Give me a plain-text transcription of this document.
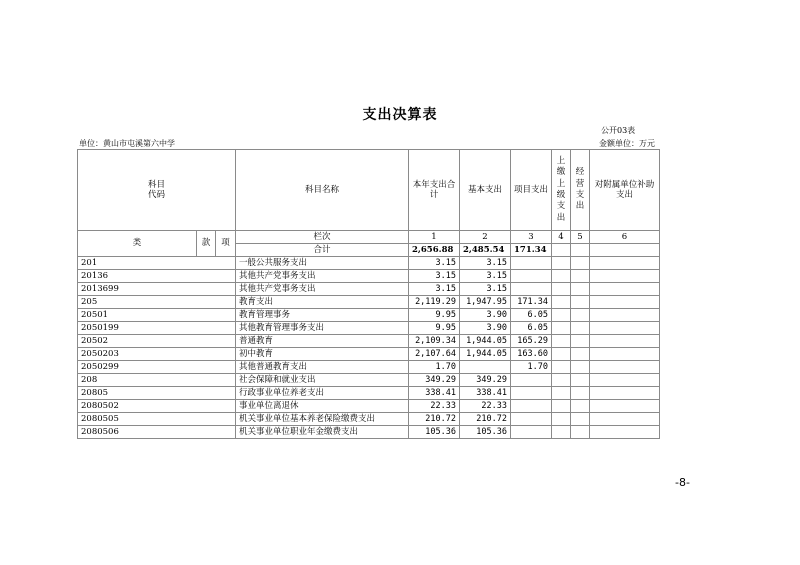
支出决算表
公开03表
单位：黄山市屯溪第六中学	金额单位：万元
科目
代码			科目名称	本年支出合计	基本支出	项目支出	上缴上级支出	经营支出	对附属单位补助支出
类	款	项	栏次	1	2	3	4	5	6
			合计	2,656.88	2,485.54	171.34			
201			一般公共服务支出	3.15	3.15				
20136			其他共产党事务支出	3.15	3.15				
2013699			其他共产党事务支出	3.15	3.15				
205			教育支出	2,119.29	1,947.95	171.34			
20501			教育管理事务	9.95	3.90	6.05			
2050199			其他教育管理事务支出	9.95	3.90	6.05			
20502			普通教育	2,109.34	1,944.05	165.29			
2050203			初中教育	2,107.64	1,944.05	163.60			
2050299			其他普通教育支出	1.70		1.70			
208			社会保障和就业支出	349.29	349.29				
20805			行政事业单位养老支出	338.41	338.41				
2080502			事业单位离退休	22.33	22.33				
2080505			机关事业单位基本养老保险缴费支出	210.72	210.72				
2080506			机关事业单位职业年金缴费支出	105.36	105.36				
-8-
